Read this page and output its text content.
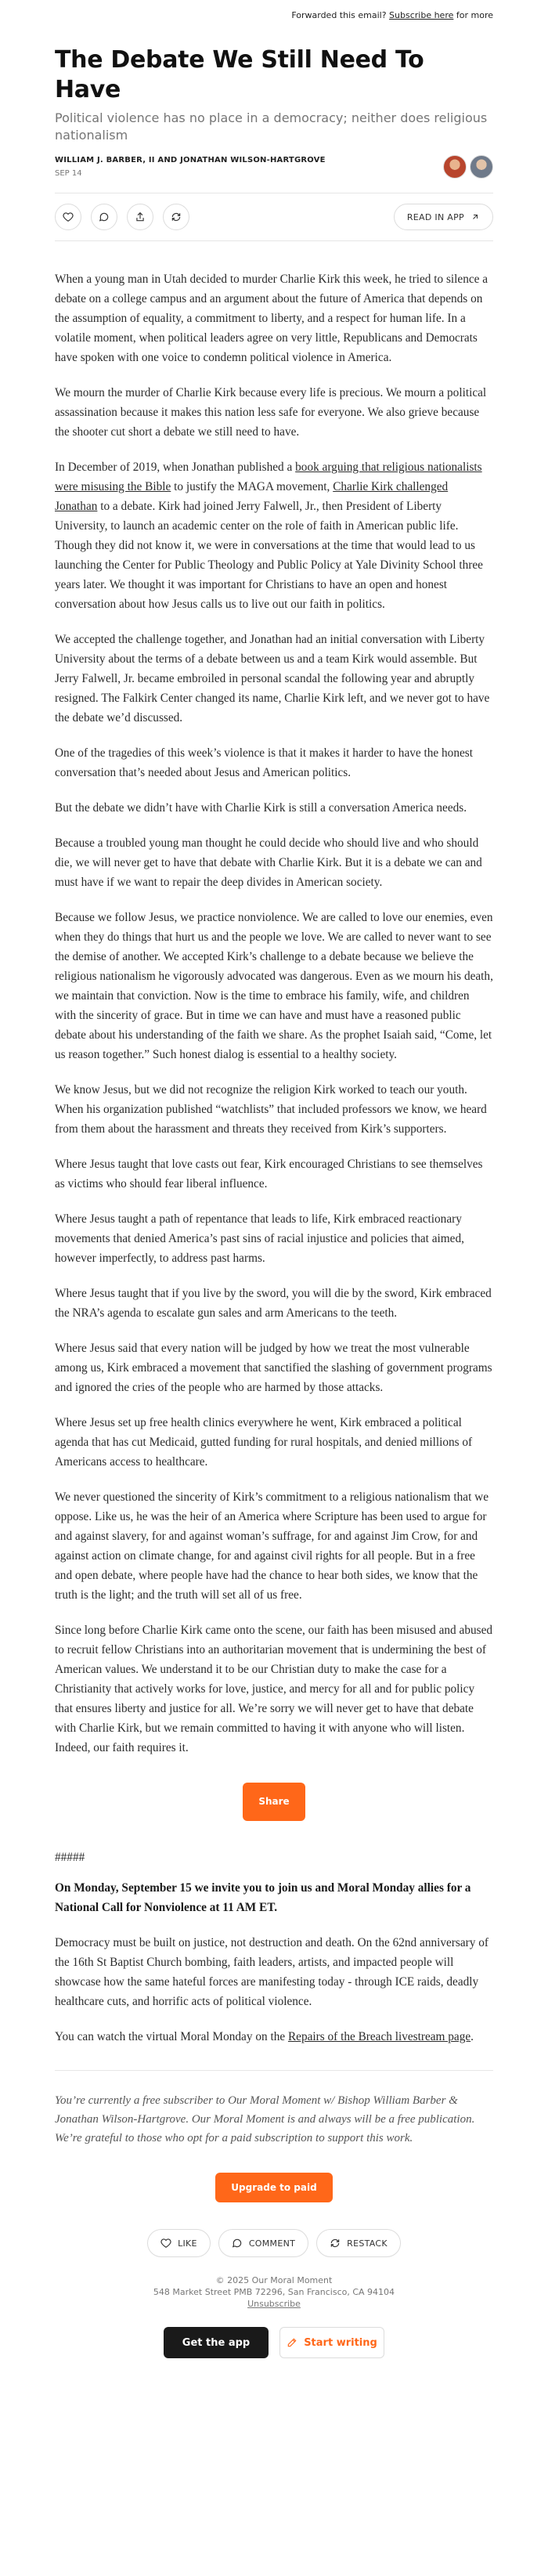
Forwarded this email? Subscribe here for more
The Debate We Still Need To Have

Political violence has no place in a democracy; neither does religious nationalism

WILLIAM J. BARBER, II AND JONATHAN WILSON-HARTGROVE
SEP 14
READ IN APP

When a young man in Utah decided to murder Charlie Kirk this week, he tried to silence a debate on a college campus and an argument about the future of America that depends on the assumption of equality, a commitment to liberty, and a respect for human life. In a volatile moment, when political leaders agree on very little, Republicans and Democrats have spoken with one voice to condemn political violence in America.

We mourn the murder of Charlie Kirk because every life is precious. We mourn a political assassination because it makes this nation less safe for everyone. We also grieve because the shooter cut short a debate we still need to have.

In December of 2019, when Jonathan published a book arguing that religious nationalists were misusing the Bible to justify the MAGA movement, Charlie Kirk challenged Jonathan to a debate. Kirk had joined Jerry Falwell, Jr., then President of Liberty University, to launch an academic center on the role of faith in American public life. Though they did not know it, we were in conversations at the time that would lead to us launching the Center for Public Theology and Public Policy at Yale Divinity School three years later. We thought it was important for Christians to have an open and honest conversation about how Jesus calls us to live out our faith in politics.

We accepted the challenge together, and Jonathan had an initial conversation with Liberty University about the terms of a debate between us and a team Kirk would assemble. But Jerry Falwell, Jr. became embroiled in personal scandal the following year and abruptly resigned. The Falkirk Center changed its name, Charlie Kirk left, and we never got to have the debate we’d discussed.

One of the tragedies of this week’s violence is that it makes it harder to have the honest conversation that’s needed about Jesus and American politics.

But the debate we didn’t have with Charlie Kirk is still a conversation America needs.

Because a troubled young man thought he could decide who should live and who should die, we will never get to have that debate with Charlie Kirk. But it is a debate we can and must have if we want to repair the deep divides in American society.

Because we follow Jesus, we practice nonviolence. We are called to love our enemies, even when they do things that hurt us and the people we love. We are called to never want to see the demise of another. We accepted Kirk’s challenge to a debate because we believe the religious nationalism he vigorously advocated was dangerous. Even as we mourn his death, we maintain that conviction. Now is the time to embrace his family, wife, and children with the sincerity of grace. But in time we can have and must have a reasoned public debate about his understanding of the faith we share. As the prophet Isaiah said, “Come, let us reason together.” Such honest dialog is essential to a healthy society.

We know Jesus, but we did not recognize the religion Kirk worked to teach our youth. When his organization published “watchlists” that included professors we know, we heard from them about the harassment and threats they received from Kirk’s supporters.

Where Jesus taught that love casts out fear, Kirk encouraged Christians to see themselves as victims who should fear liberal influence.

Where Jesus taught a path of repentance that leads to life, Kirk embraced reactionary movements that denied America’s past sins of racial injustice and policies that aimed, however imperfectly, to address past harms.

Where Jesus taught that if you live by the sword, you will die by the sword, Kirk embraced the NRA’s agenda to escalate gun sales and arm Americans to the teeth.

Where Jesus said that every nation will be judged by how we treat the most vulnerable among us, Kirk embraced a movement that sanctified the slashing of government programs and ignored the cries of the people who are harmed by those attacks.

Where Jesus set up free health clinics everywhere he went, Kirk embraced a political agenda that has cut Medicaid, gutted funding for rural hospitals, and denied millions of Americans access to healthcare.

We never questioned the sincerity of Kirk’s commitment to a religious nationalism that we oppose. Like us, he was the heir of an America where Scripture has been used to argue for and against slavery, for and against woman’s suffrage, for and against Jim Crow, for and against action on climate change, for and against civil rights for all people. But in a free and open debate, where people have had the chance to hear both sides, we know that the truth is the light; and the truth will set all of us free.

Since long before Charlie Kirk came onto the scene, our faith has been misused and abused to recruit fellow Christians into an authoritarian movement that is undermining the best of American values. We understand it to be our Christian duty to make the case for a Christianity that actively works for love, justice, and mercy for all and for public policy that ensures liberty and justice for all. We’re sorry we will never get to have that debate with Charlie Kirk, but we remain committed to having it with anyone who will listen. Indeed, our faith requires it.

Share
#####

On Monday, September 15 we invite you to join us and Moral Monday allies for a National Call for Nonviolence at 11 AM ET.

Democracy must be built on justice, not destruction and death. On the 62nd anniversary of the 16th St Baptist Church bombing, faith leaders, artists, and impacted people will showcase how the same hateful forces are manifesting today - through ICE raids, deadly healthcare cuts, and horrific acts of political violence.

You can watch the virtual Moral Monday on the Repairs of the Breach livestream page.

You’re currently a free subscriber to Our Moral Moment w/ Bishop William Barber & Jonathan Wilson-Hartgrove. Our Moral Moment is and always will be a free publication. We’re grateful to those who opt for a paid subscription to support this work.

Upgrade to paid
LIKE	COMMENT	RESTACK
© 2025 Our Moral Moment
548 Market Street PMB 72296, San Francisco, CA 94104
Unsubscribe
Get the app	Start writing
